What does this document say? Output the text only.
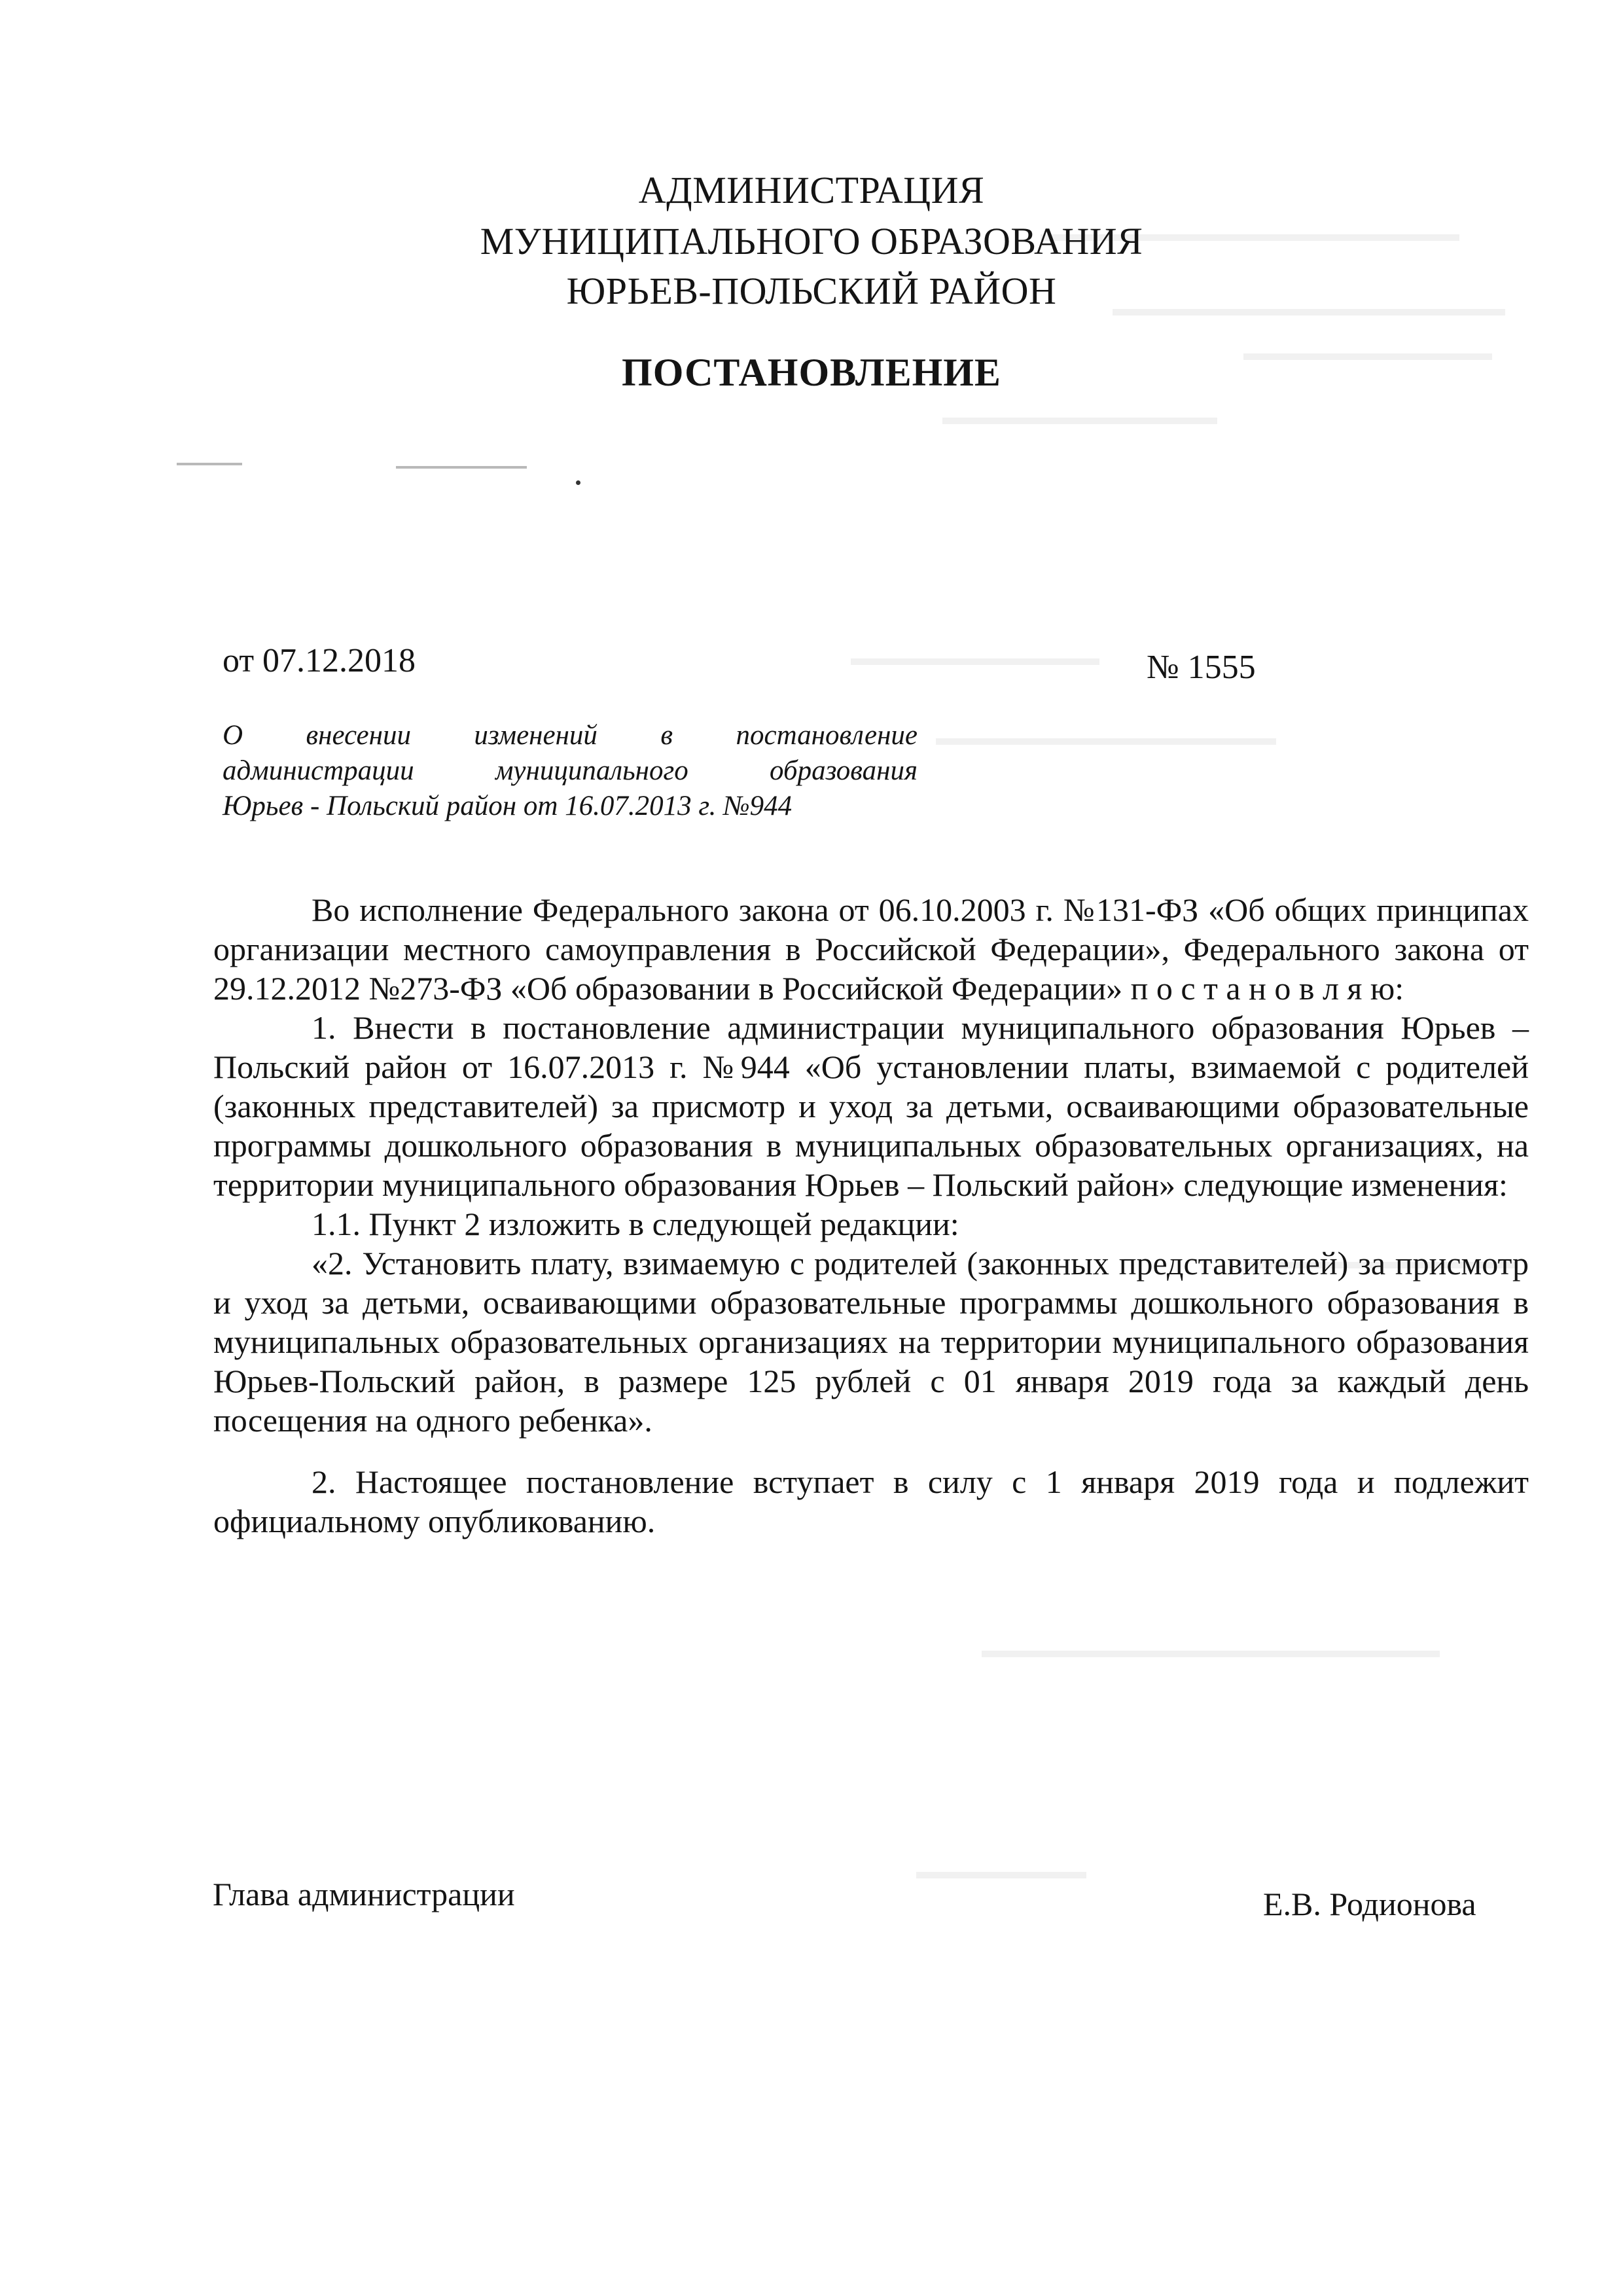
АДМИНИСТРАЦИЯ
МУНИЦИПАЛЬНОГО ОБРАЗОВАНИЯ
ЮРЬЕВ-ПОЛЬСКИЙ РАЙОН
ПОСТАНОВЛЕНИЕ
от 07.12.2018	№ 1555
О внесении изменений в постановление
администрации муниципального образования
Юрьев - Польский район от 16.07.2013 г. №944

Во исполнение Федерального закона от 06.10.2003 г. №131-ФЗ «Об общих принципах организации местного самоуправления в Российской Федерации», Федерального закона от 29.12.2012 №273-ФЗ «Об образовании в Российской Федерации» п о с т а н о в л я ю:

1. Внести в постановление администрации муниципального образования Юрьев – Польский район от 16.07.2013 г. №944 «Об установлении платы, взимаемой с родителей (законных представителей) за присмотр и уход за детьми, осваивающими образовательные программы дошкольного образования в муниципальных образовательных организациях, на территории муниципального образования Юрьев – Польский район» следующие изменения:

1.1. Пункт 2 изложить в следующей редакции:

«2. Установить плату, взимаемую с родителей (законных представителей) за присмотр и уход за детьми, осваивающими образовательные программы дошкольного образования в муниципальных образовательных организациях на территории муниципального образования Юрьев-Польский район, в размере 125 рублей с 01 января 2019 года за каждый день посещения на одного ребенка».

2. Настоящее постановление вступает в силу с 1 января 2019 года и подлежит официальному опубликованию.

Глава администрации	Е.В. Родионова
